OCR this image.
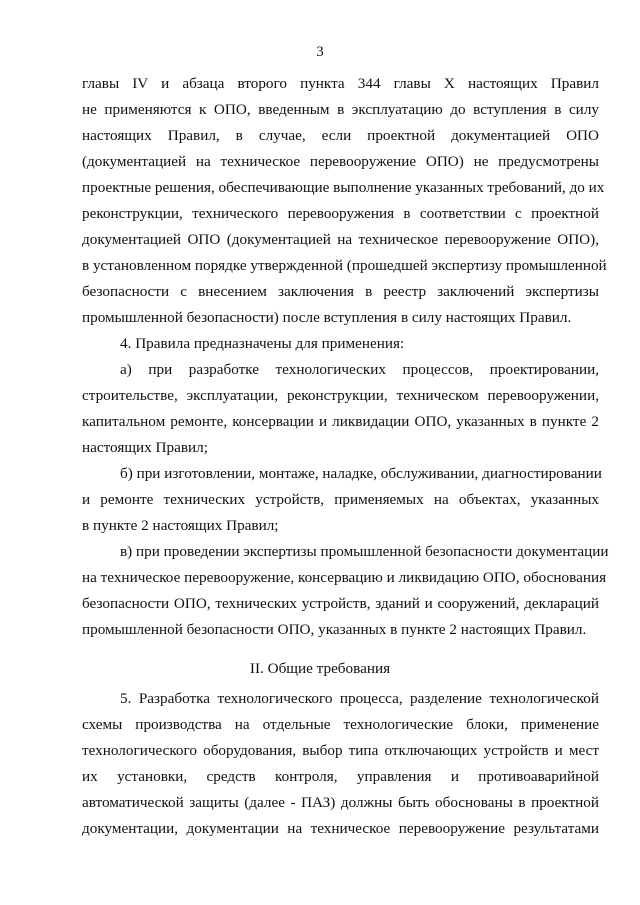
3
главы IV и абзаца второго пункта 344 главы X настоящих Правил
не применяются к ОПО, введенным в эксплуатацию до вступления в силу
настоящих Правил, в случае, если проектной документацией ОПО
(документацией на техническое перевооружение ОПО) не предусмотрены
проектные решения, обеспечивающие выполнение указанных требований, до их
реконструкции, технического перевооружения в соответствии с проектной
документацией ОПО (документацией на техническое перевооружение ОПО),
в установленном порядке утвержденной (прошедшей экспертизу промышленной
безопасности с внесением заключения в реестр заключений экспертизы
промышленной безопасности) после вступления в силу настоящих Правил.
4. Правила предназначены для применения:
а) при разработке технологических процессов, проектировании,
строительстве, эксплуатации, реконструкции, техническом перевооружении,
капитальном ремонте, консервации и ликвидации ОПО, указанных в пункте 2
настоящих Правил;
б) при изготовлении, монтаже, наладке, обслуживании, диагностировании
и ремонте технических устройств, применяемых на объектах, указанных
в пункте 2 настоящих Правил;
в) при проведении экспертизы промышленной безопасности документации
на техническое перевооружение, консервацию и ликвидацию ОПО, обоснования
безопасности ОПО, технических устройств, зданий и сооружений, деклараций
промышленной безопасности ОПО, указанных в пункте 2 настоящих Правил.
II. Общие требования
5. Разработка технологического процесса, разделение технологической
схемы производства на отдельные технологические блоки, применение
технологического оборудования, выбор типа отключающих устройств и мест
их установки, средств контроля, управления и противоаварийной
автоматической защиты (далее - ПАЗ) должны быть обоснованы в проектной
документации, документации на техническое перевооружение результатами
